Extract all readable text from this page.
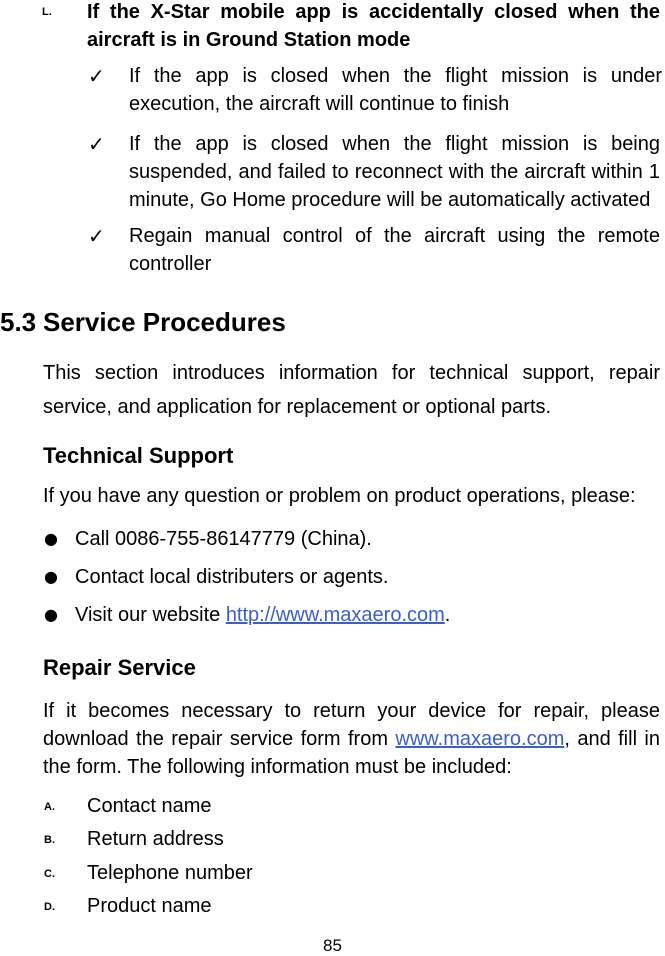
L. If the X-Star mobile app is accidentally closed when the aircraft is in Ground Station mode
✓ If the app is closed when the flight mission is under execution, the aircraft will continue to finish
✓ If the app is closed when the flight mission is being suspended, and failed to reconnect with the aircraft within 1 minute, Go Home procedure will be automatically activated
✓ Regain manual control of the aircraft using the remote controller
5.3 Service Procedures
This section introduces information for technical support, repair service, and application for replacement or optional parts.
Technical Support
If you have any question or problem on product operations, please:
● Call 0086-755-86147779 (China).
● Contact local distributers or agents.
● Visit our website http://www.maxaero.com.
Repair Service
If it becomes necessary to return your device for repair, please download the repair service form from www.maxaero.com, and fill in the form. The following information must be included:
A. Contact name
B. Return address
C. Telephone number
D. Product name
85
